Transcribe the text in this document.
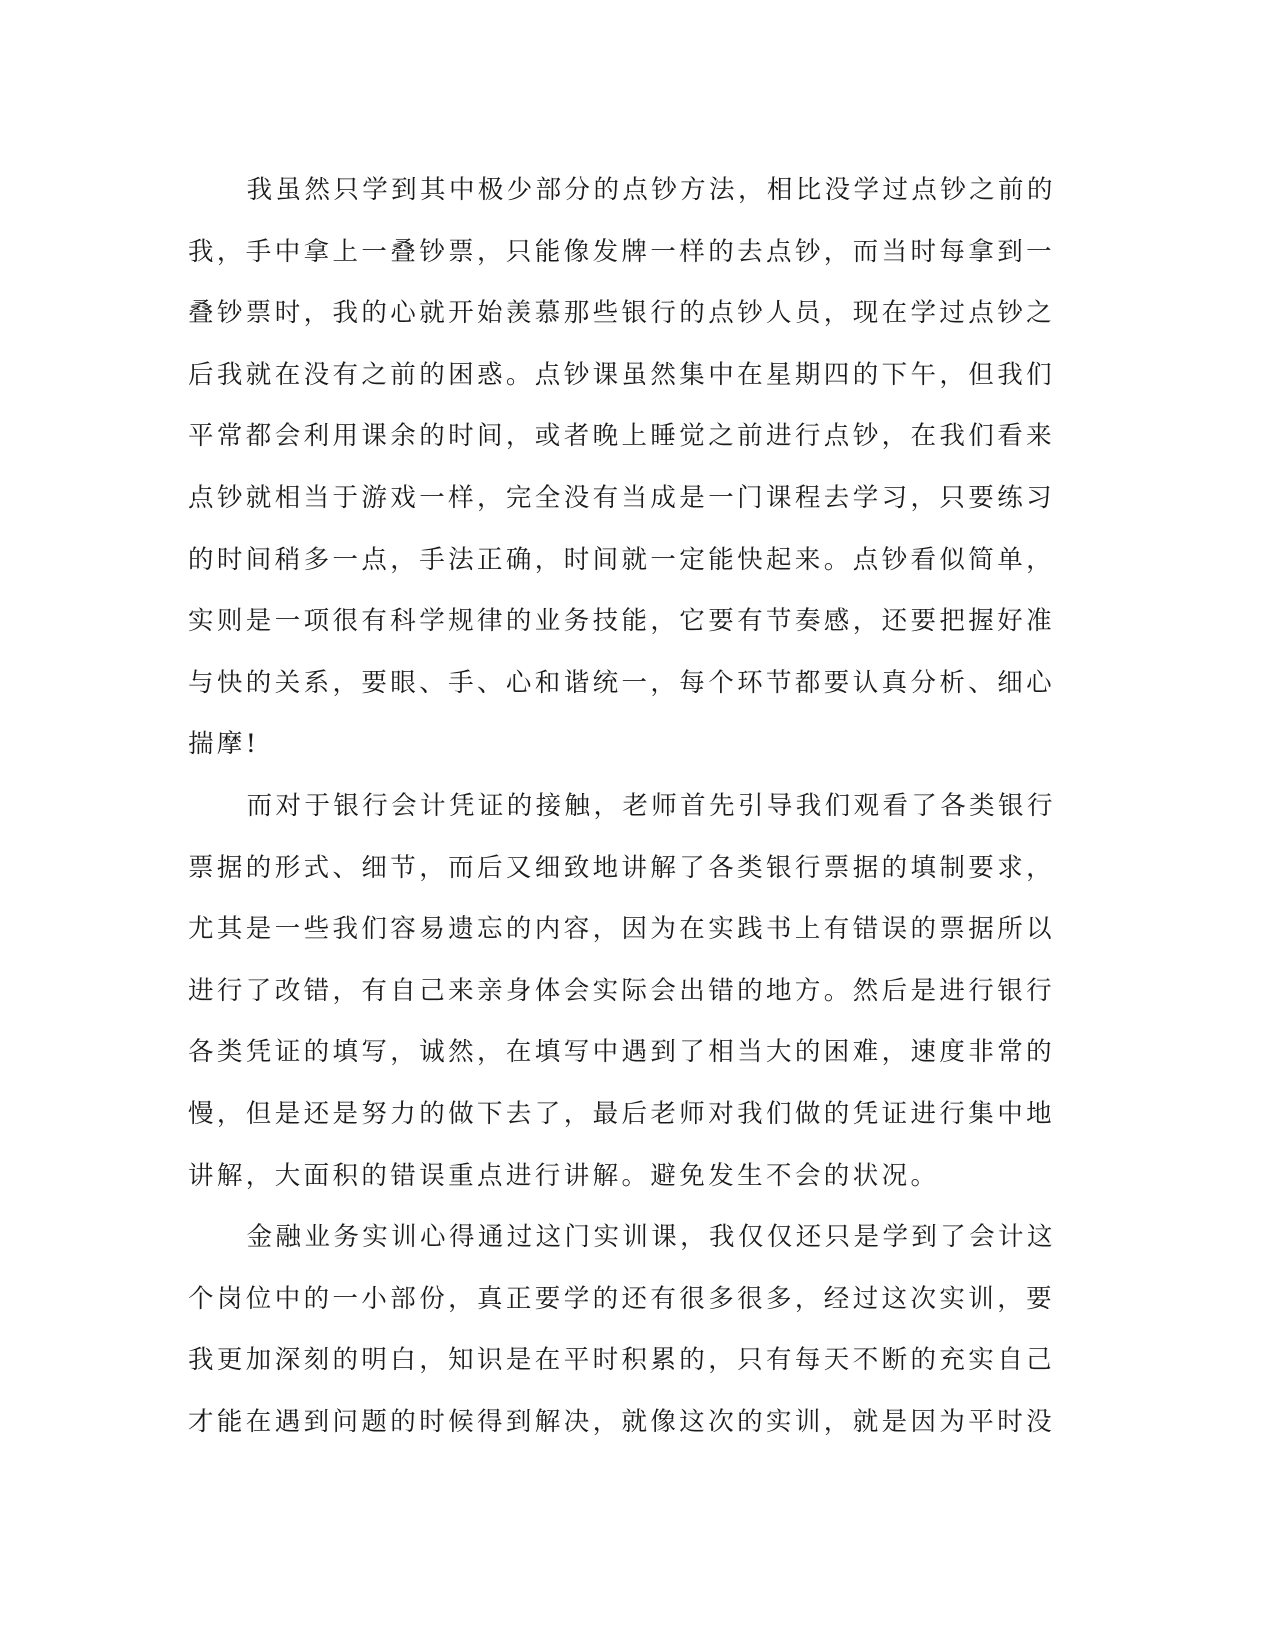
我虽然只学到其中极少部分的点钞方法，相比没学过点钞之前的我，手中拿上一叠钞票，只能像发牌一样的去点钞，而当时每拿到一叠钞票时，我的心就开始羡慕那些银行的点钞人员，现在学过点钞之后我就在没有之前的困惑。点钞课虽然集中在星期四的下午，但我们平常都会利用课余的时间，或者晚上睡觉之前进行点钞，在我们看来点钞就相当于游戏一样，完全没有当成是一门课程去学习，只要练习的时间稍多一点，手法正确，时间就一定能快起来。点钞看似简单，实则是一项很有科学规律的业务技能，它要有节奏感，还要把握好准与快的关系，要眼、手、心和谐统一，每个环节都要认真分析、细心揣摩!

而对于银行会计凭证的接触，老师首先引导我们观看了各类银行票据的形式、细节，而后又细致地讲解了各类银行票据的填制要求，尤其是一些我们容易遗忘的内容，因为在实践书上有错误的票据所以进行了改错，有自己来亲身体会实际会出错的地方。然后是进行银行各类凭证的填写，诚然，在填写中遇到了相当大的困难，速度非常的慢，但是还是努力的做下去了，最后老师对我们做的凭证进行集中地讲解，大面积的错误重点进行讲解。避免发生不会的状况。

金融业务实训心得通过这门实训课，我仅仅还只是学到了会计这个岗位中的一小部份，真正要学的还有很多很多，经过这次实训，要我更加深刻的明白，知识是在平时积累的，只有每天不断的充实自己才能在遇到问题的时候得到解决，就像这次的实训，就是因为平时没
